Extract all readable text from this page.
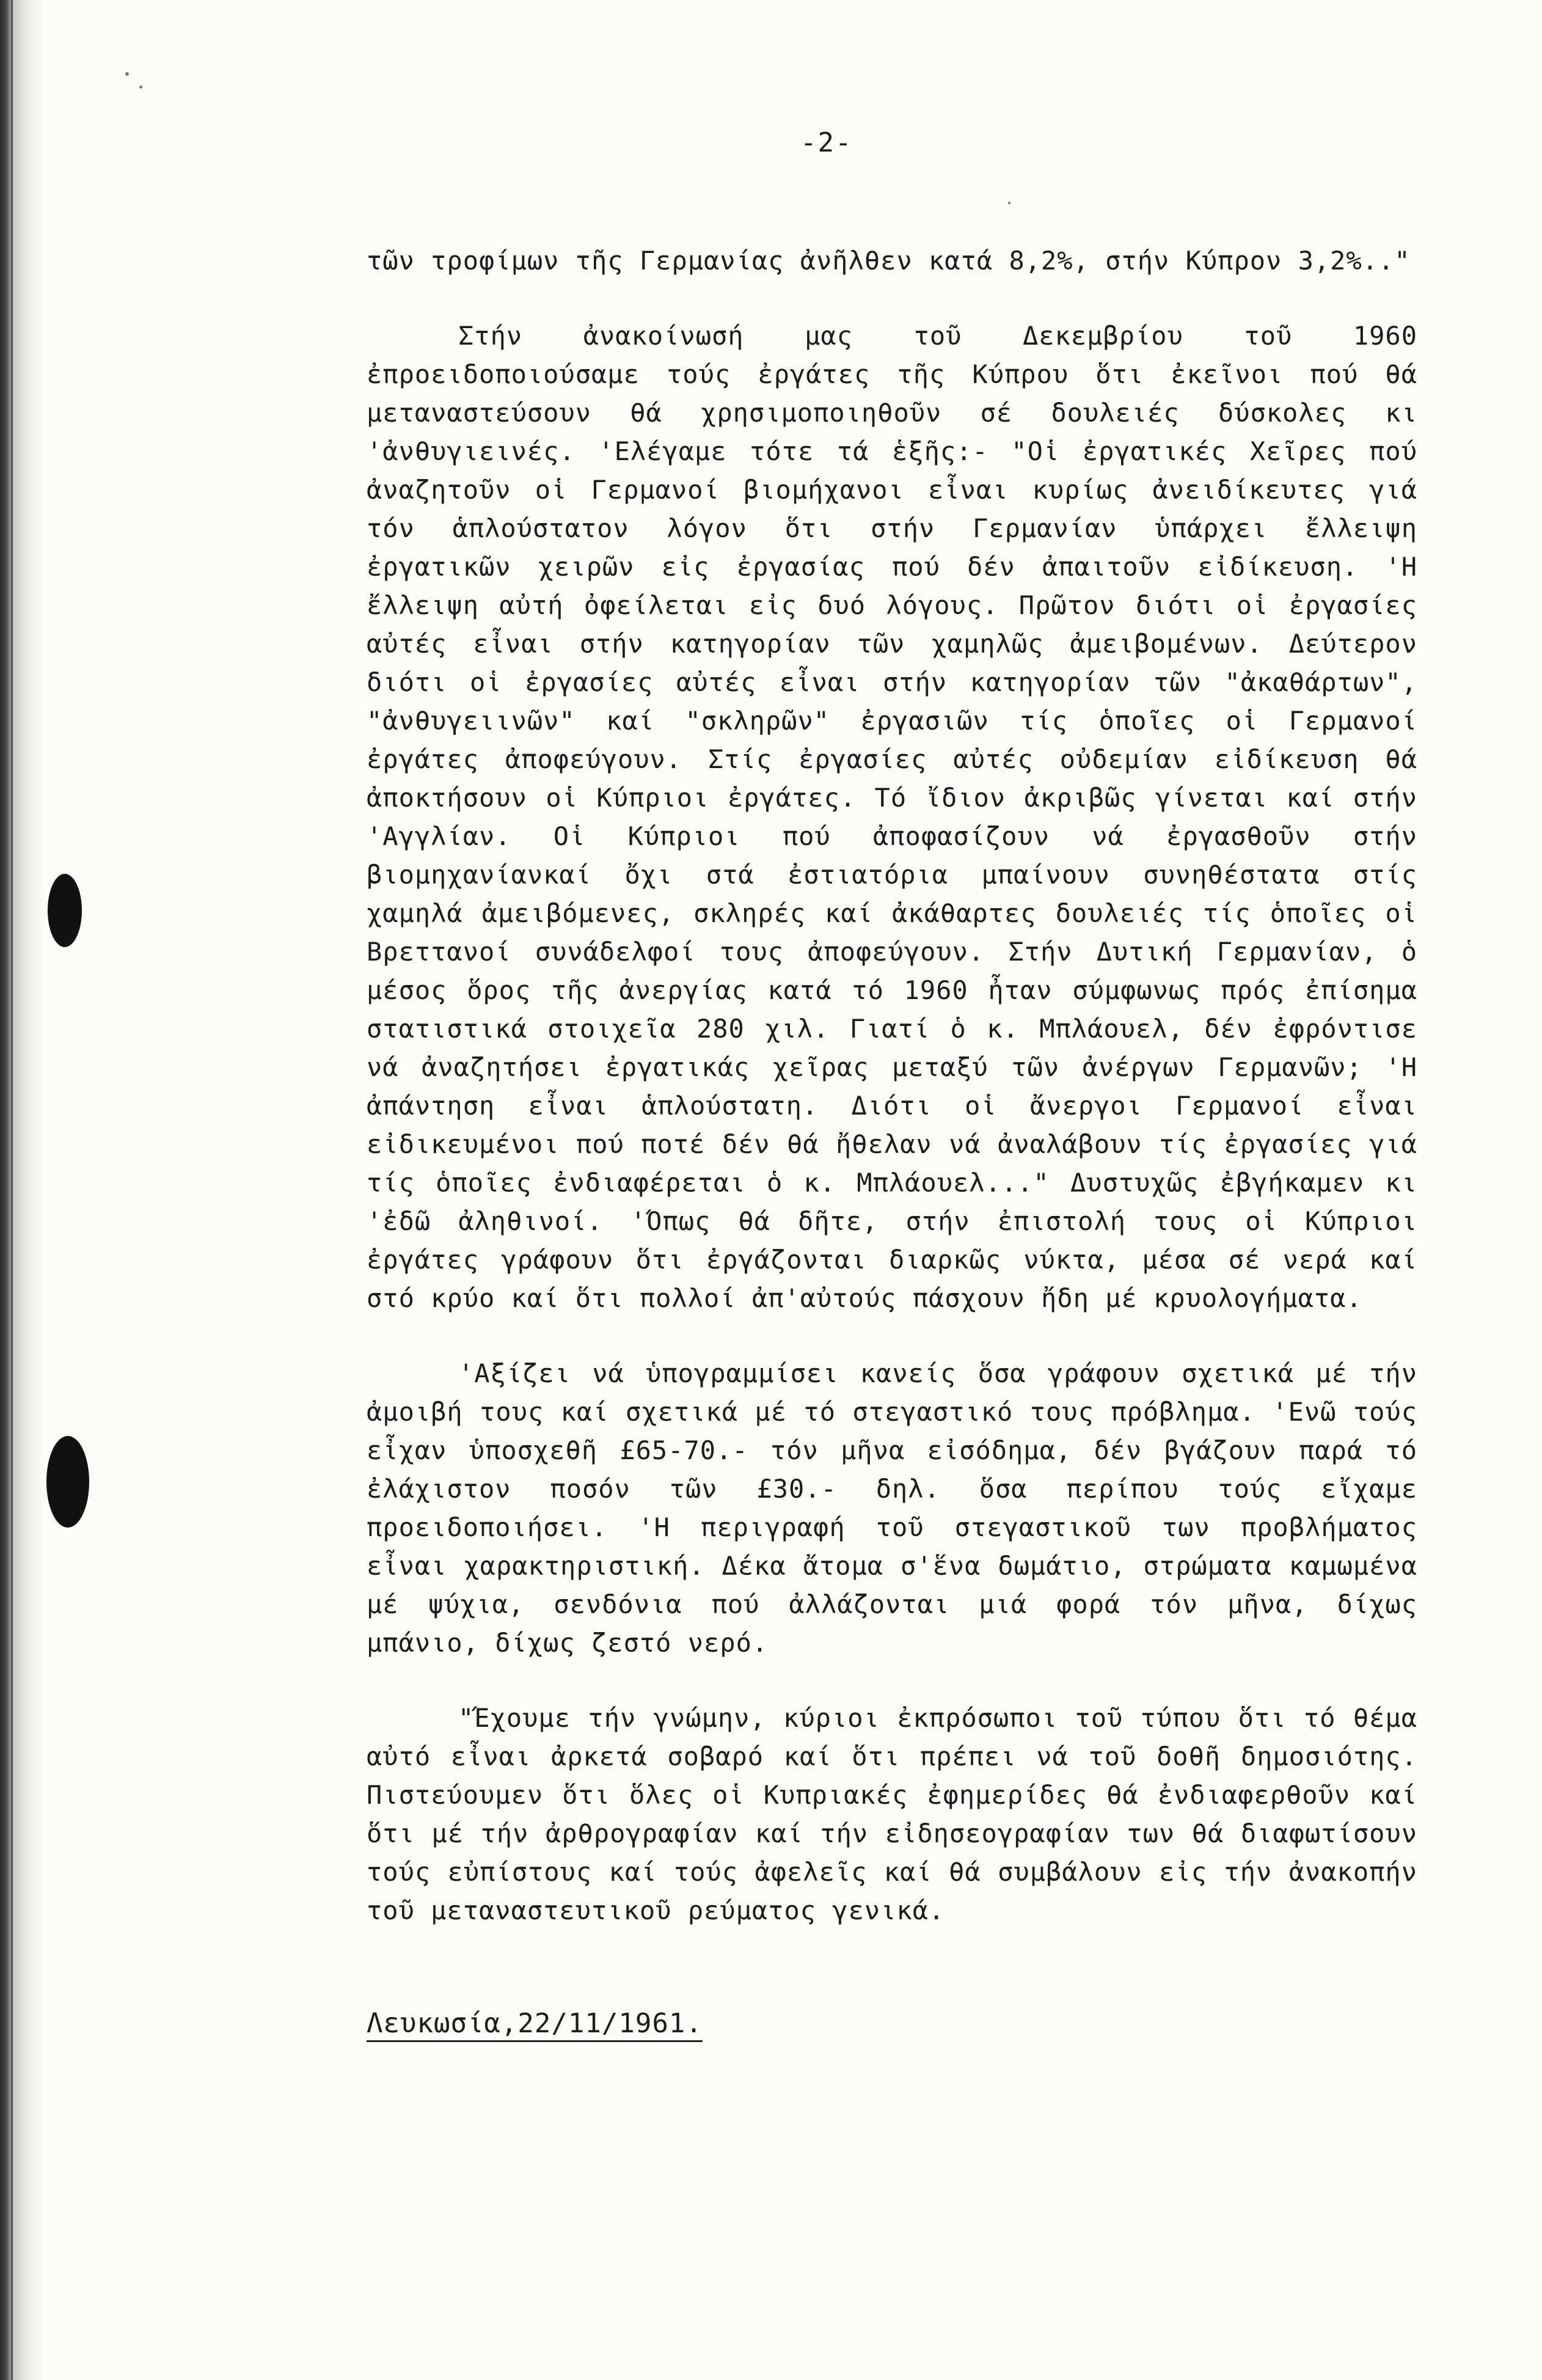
-2-

τῶν τροφίμων τῆς Γερμανίας ἀνῆλθεν κατά 8,2%, στήν Κύπρον 3,2%.."

Στήν ἀνακοίνωσή μας τοῦ Δεκεμβρίου τοῦ 1960 ἐπροειδοποιούσαμε τούς ἐργάτες τῆς Κύπρου ὅτι ἐκεῖνοι πού θά μεταναστεύσουν θά χρησιμοποιηθοῦν σέ δουλειές δύσκολες κι 'ἀνθυγιεινές. 'Ελέγαμε τότε τά ἑξῆς:- "Οἱ ἐργατικές Χεῖρες πού ἀναζητοῦν οἱ Γερμανοί βιομήχανοι εἶναι κυρίως ἀνειδίκευτες γιά τόν ἁπλούστατον λόγον ὅτι στήν Γερμανίαν ὑπάρχει ἔλλειψη ἐργατικῶν χειρῶν εἰς ἐργασίας πού δέν ἀπαιτοῦν εἰδίκευση. 'Η ἔλλειψη αὐτή ὀφείλεται εἰς δυό λόγους. Πρῶτον διότι οἱ ἐργασίες αὐτές εἶναι στήν κατηγορίαν τῶν χαμηλῶς ἀμειβομένων. Δεύτερον διότι οἱ ἐργασίες αὐτές εἶναι στήν κατηγορίαν τῶν "ἀκαθάρτων", "ἀνθυγειινῶν" καί "σκληρῶν" ἐργασιῶν τίς ὁποῖες οἱ Γερμανοί ἐργάτες ἀποφεύγουν. Στίς ἐργασίες αὐτές οὐδεμίαν εἰδίκευση θά ἀποκτήσουν οἱ Κύπριοι ἐργάτες. Τό ἴδιον ἀκριβῶς γίνεται καί στήν 'Αγγλίαν. Οἱ Κύπριοι πού ἀποφασίζουν νά ἐργασθοῦν στήν βιομηχανίανκαί ὄχι στά ἐστιατόρια μπαίνουν συνηθέστατα στίς χαμηλά ἀμειβόμενες, σκληρές καί ἀκάθαρτες δουλειές τίς ὁποῖες οἱ Βρεττανοί συνάδελφοί τους ἀποφεύγουν. Στήν Δυτική Γερμανίαν, ὁ μέσος ὅρος τῆς ἀνεργίας κατά τό 1960 ἦταν σύμφωνως πρός ἐπίσημα στατιστικά στοιχεῖα 280 χιλ. Γιατί ὁ κ. Μπλάουελ, δέν ἐφρόντισε νά ἀναζητήσει ἐργατικάς χεῖρας μεταξύ τῶν ἀνέργων Γερμανῶν; 'Η ἀπάντηση εἶναι ἁπλούστατη. Διότι οἱ ἄνεργοι Γερμανοί εἶναι εἰδικευμένοι πού ποτέ δέν θά ἤθελαν νά ἀναλάβουν τίς ἐργασίες γιά τίς ὁποῖες ἐνδιαφέρεται ὁ κ. Μπλάουελ..." Δυστυχῶς ἐβγήκαμεν κι 'ἐδῶ ἀληθινοί. 'Όπως θά δῆτε, στήν ἐπιστολή τους οἱ Κύπριοι ἐργάτες γράφουν ὅτι ἐργάζονται διαρκῶς νύκτα, μέσα σέ νερά καί στό κρύο καί ὅτι πολλοί ἀπ'αὐτούς πάσχουν ἤδη μέ κρυολογήματα.

'Αξίζει νά ὑπογραμμίσει κανείς ὅσα γράφουν σχετικά μέ τήν ἀμοιβή τους καί σχετικά μέ τό στεγαστικό τους πρόβλημα. 'Ενῶ τούς εἶχαν ὑποσχεθῆ £65-70.- τόν μῆνα εἰσόδημα, δέν βγάζουν παρά τό ἐλάχιστον ποσόν τῶν £30.- δηλ. ὅσα περίπου τούς εἴχαμε προειδοποιήσει. 'Η περιγραφή τοῦ στεγαστικοῦ των προβλήματος εἶναι χαρακτηριστική. Δέκα ἄτομα σ'ἕνα δωμάτιο, στρώματα καμωμένα μέ ψύχια, σενδόνια πού ἀλλάζονται μιά φορά τόν μῆνα, δίχως μπάνιο, δίχως ζεστό νερό.

"Έχουμε τήν γνώμην, κύριοι ἐκπρόσωποι τοῦ τύπου ὅτι τό θέμα αὐτό εἶναι ἀρκετά σοβαρό καί ὅτι πρέπει νά τοῦ δοθῆ δημοσιότης. Πιστεύουμεν ὅτι ὅλες οἱ Κυπριακές ἐφημερίδες θά ἐνδιαφερθοῦν καί ὅτι μέ τήν ἀρθρογραφίαν καί τήν εἰδησεογραφίαν των θά διαφωτίσουν τούς εὐπίστους καί τούς ἀφελεῖς καί θά συμβάλουν εἰς τήν ἀνακοπήν τοῦ μεταναστευτικοῦ ρεύματος γενικά.

Λευκωσία,22/11/1961.
